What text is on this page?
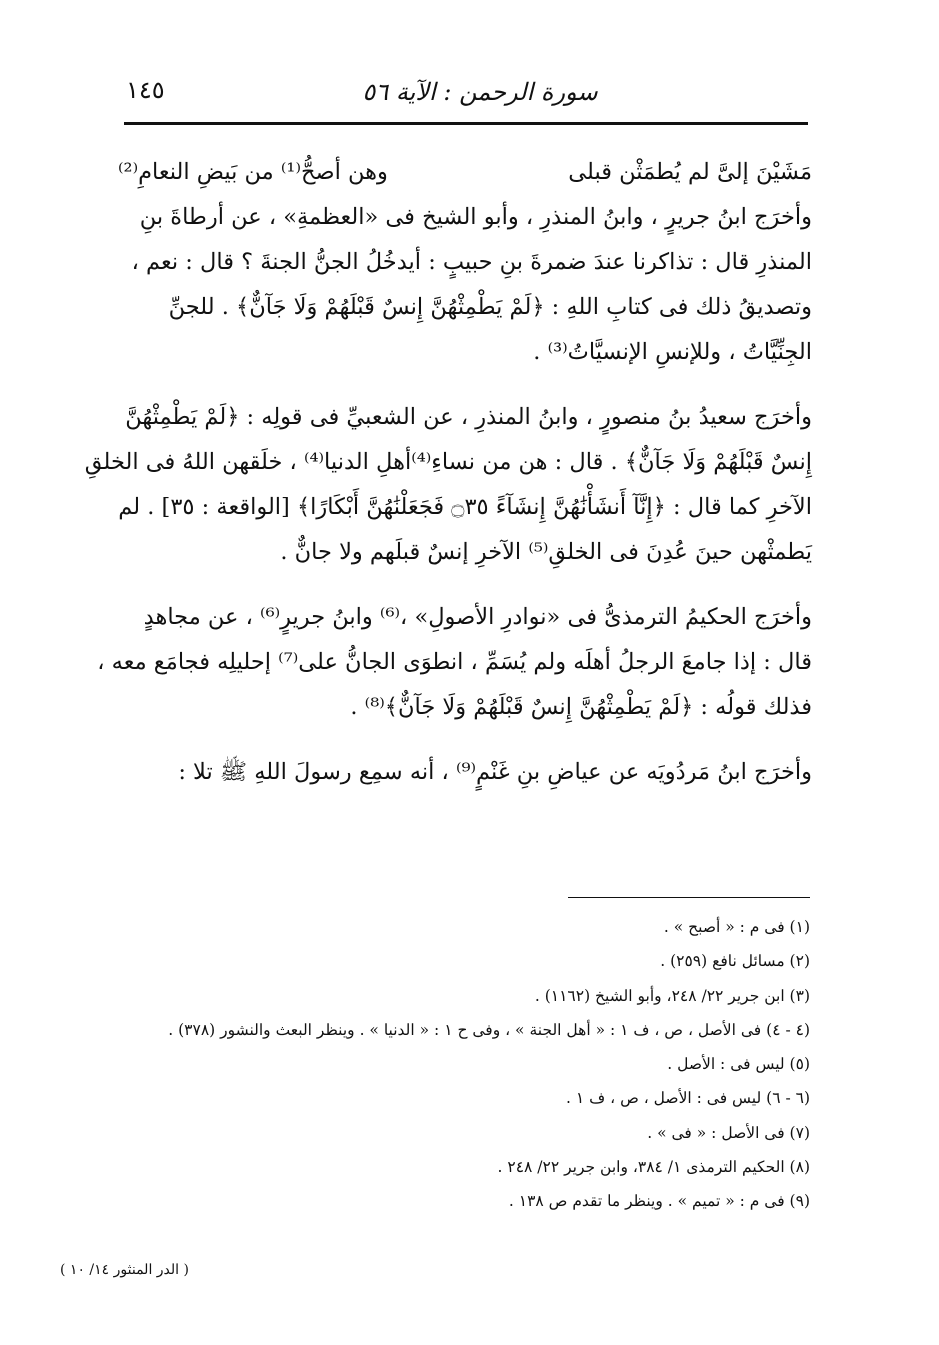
سورة الرحمن : الآية ٥٦
١٤٥
مَشَيْنَ إلىَّ لم يُطمَثْن قبلى
وهن أصحُّ⁽¹⁾ من بَيضِ النعامِ⁽²⁾
وأخرَج ابنُ جريرٍ ، وابنُ المنذرِ ، وأبو الشيخ فى «العظمةِ» ، عن أرطاةَ بنِ
المنذرِ قال : تذاكرنا عندَ ضمرةَ بنِ حبيبٍ : أيدخُلُ الجنُّ الجنةَ ؟ قال : نعم ،
وتصديقُ ذلك فى كتابِ اللهِ : ﴿لَمْ يَطْمِثْهُنَّ إِنسٌ قَبْلَهُمْ وَلَا جَآنٌّ﴾ . للجنِّ
الجِنِّيَّاتُ ، وللإنسِ الإنسيَّاتُ⁽³⁾ .
وأخرَج سعيدُ بنُ منصورٍ ، وابنُ المنذرِ ، عن الشعبيِّ فى قولِه : ﴿لَمْ يَطْمِثْهُنَّ
إِنسٌ قَبْلَهُمْ وَلَا جَآنٌّ﴾ . قال : هن من نساءِ⁽⁴⁾أهلِ الدنيا⁽⁴⁾ ، خلَقهن اللهُ فى الخلقِ
الآخرِ كما قال : ﴿إِنَّآ أَنشَأْنَٰهُنَّ إِنشَآءً ۝٣٥ فَجَعَلْنَٰهُنَّ أَبْكَارًا﴾ [الواقعة : ٣٥] . لم
يَطمثْهن حينَ عُدِنَ فى الخلقِ⁽⁵⁾ الآخرِ إنسٌ قبلَهم ولا جانٌّ .
وأخرَج الحكيمُ الترمذىُّ فى «نوادرِ الأصولِ» ،⁽⁶⁾ وابنُ جريرٍ⁽⁶⁾ ، عن مجاهدٍ
قال : إذا جامعَ الرجلُ أهلَه ولم يُسَمِّ ، انطوَى الجانُّ على⁽⁷⁾ إحليلِه فجامَع معه ،
فذلك قولُه : ﴿لَمْ يَطْمِثْهُنَّ إِنسٌ قَبْلَهُمْ وَلَا جَآنٌّ﴾⁽⁸⁾ .
وأخرَج ابنُ مَردُويَه عن عياضِ بنِ غَنْمٍ⁽⁹⁾ ، أنه سمِع رسولَ اللهِ ﷺ تلا :
(١) فى م : « أصبح » .
(٢) مسائل نافع (٢٥٩) .
(٣) ابن جرير ٢٢/ ٢٤٨، وأبو الشيخ (١١٦٢) .
(٤ - ٤) فى الأصل ، ص ، ف ١ : « أهل الجنة » ، وفى ح ١ : « الدنيا » . وينظر البعث والنشور (٣٧٨) .
(٥) ليس فى : الأصل .
(٦ - ٦) ليس فى : الأصل ، ص ، ف ١ .
(٧) فى الأصل : « فى » .
(٨) الحكيم الترمذى ١/ ٣٨٤، وابن جرير ٢٢/ ٢٤٨ .
(٩) فى م : « تميم » . وينظر ما تقدم ص ١٣٨ .
( الدر المنثور ١٤/ ١٠ )
